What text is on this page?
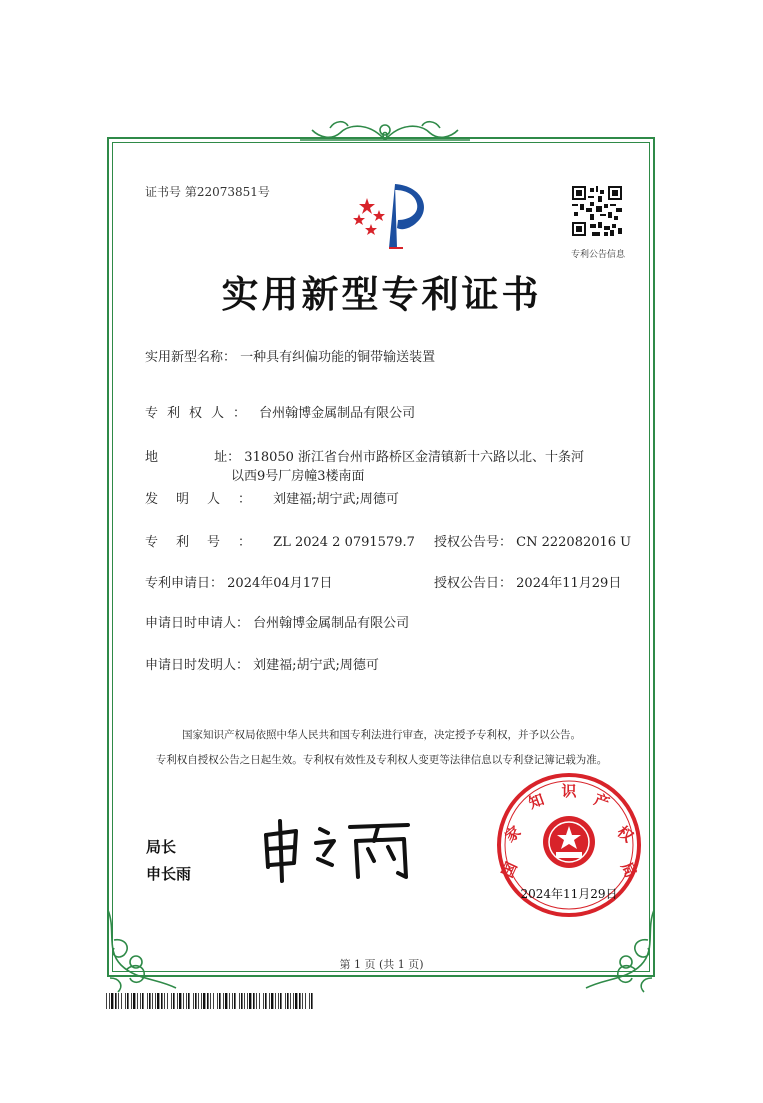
证书号 第22073851号
专利公告信息
实用新型专利证书
实用新型名称： 一种具有纠偏功能的铜带输送装置
专利权人： 台州翰博金属制品有限公司
地	址： 318050 浙江省台州市路桥区金清镇新十六路以北、十条河
以西9号厂房幢3楼南面
发明人： 刘建福;胡宁武;周德可
专利号： ZL 2024 2 0791579.7 授权公告号： CN 222082016 U
专利申请日： 2024年04月17日	授权公告日： 2024年11月29日
申请日时申请人： 台州翰博金属制品有限公司
申请日时发明人： 刘建福;胡宁武;周德可
国家知识产权局依照中华人民共和国专利法进行审查，决定授予专利权，并予以公告。
专利权自授权公告之日起生效。专利权有效性及专利权人变更等法律信息以专利登记簿记载为准。
局长
申长雨	国
家
知 识 产
权
局
2024年11月29日
第 1 页 (共 1 页)
